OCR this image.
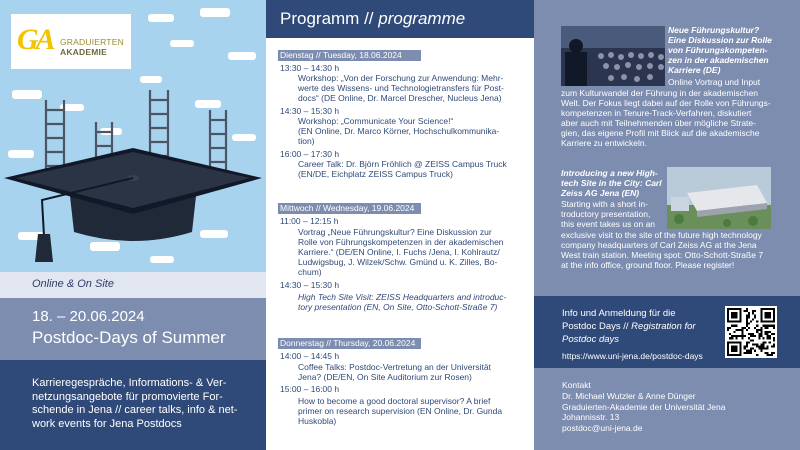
GA GRADUIERTEN
AKADEMIE
Online & On Site
18. – 20.06.2024
Postdoc-Days of Summer
Karrieregespräche, Informations- & Ver-
netzungsangebote für promovierte For-
schende in Jena // career talks, info & net-
work events for Jena Postdocs
Programm // programme
Dienstag // Tuesday, 18.06.2024
13:30 – 14:30 h
Workshop: „Von der Forschung zur Anwendung: Mehr-
werte des Wissens- und Technologietransfers für Post-
docs“ (DE Online, Dr. Marcel Drescher, Nucleus Jena)
14:30 – 15:30 h
Workshop: „Communicate Your Science!“
(EN Online, Dr. Marco Körner, Hochschulkommunika-
tion)
16:00 – 17:30 h
Career Talk: Dr. Björn Fröhlich @ ZEISS Campus Truck
(EN/DE, Eichplatz ZEISS Campus Truck)
Mittwoch // Wednesday, 19.06.2024
11:00 – 12:15 h
Vortrag „Neue Führungskultur? Eine Diskussion zur
Rolle von Führungskompetenzen in der akademischen
Karriere.“ (DE/EN Online, I. Fuchs /Jena, I. Kohlrautz/
Ludwigsbug, J. Wilzek/Schw. Gmünd u. K. Zilles, Bo-
chum)
14:30 – 15:30 h
High Tech Site Visit: ZEISS Headquarters and introduc-
tory presentation (EN, On Site, Otto-Schott-Straße 7)
Donnerstag // Thursday, 20.06.2024
14:00 – 14:45 h
Coffee Talks: Postdoc-Vertretung an der Universität
Jena? (DE/EN, On Site Auditorium zur Rosen)
15:00 – 16:00 h
How to become a good doctoral supervisor? A brief
primer on research supervision (EN Online, Dr. Gunda
Huskobla)
Neue Führungskultur?
Eine Diskussion zur Rolle
von Führungskompeten-
zen in der akademischen
Karriere (DE)
Online Vortrag und Input
zum Kulturwandel der Führung in der akademischen
Welt. Der Fokus liegt dabei auf der Rolle von Führungs-
kompetenzen in Tenure-Track-Verfahren, diskutiert
aber auch mit Teilnehmenden über mögliche Strate-
gien, das eigene Profil mit Blick auf die akademische
Karriere zu entwickeln.
Introducing a new High-
tech Site in the City: Carl
Zeiss AG Jena (EN)
Starting with a short in-
troductory presentation,
this event takes us on an
exclusive visit to the site of the future high technology
company headquarters of Carl Zeiss AG at the Jena
West train station. Meeting spot: Otto-Schott-Straße 7
at the info office, ground floor. Please register!
Info und Anmeldung für die
Postdoc Days // Registration for
Postdoc days
https://www.uni-jena.de/postdoc-days
Kontakt
Dr. Michael Wutzler & Anne Dünger
Graduierten-Akademie der Universität Jena
Johannisstr. 13
postdoc@uni-jena.de
